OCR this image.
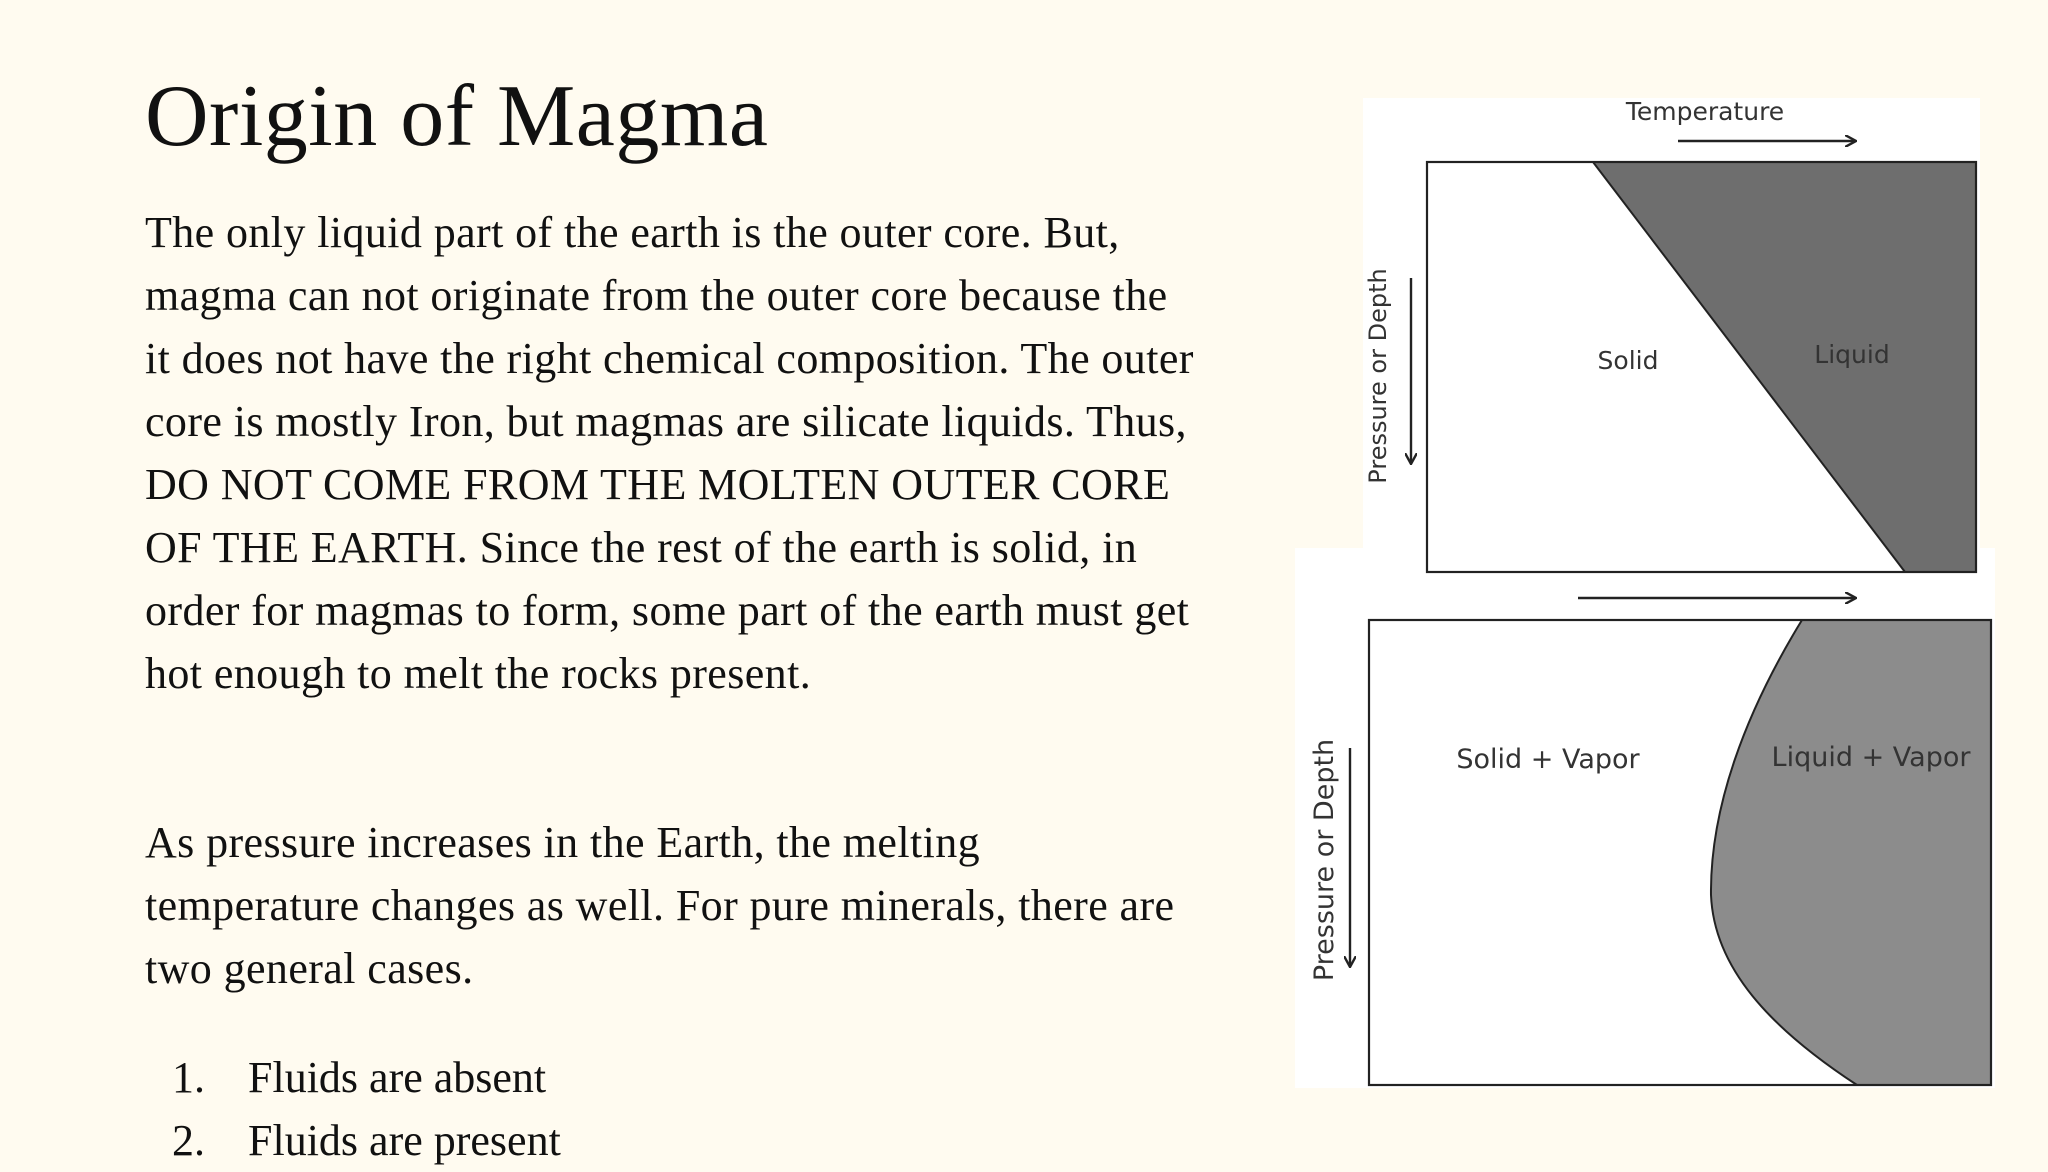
Origin of Magma

The only liquid part of the earth is the outer core. But, magma can not originate from the outer core because the it does not have the right chemical composition. The outer core is mostly Iron, but magmas are silicate liquids. Thus, DO NOT COME FROM THE MOLTEN OUTER CORE OF THE EARTH. Since the rest of the earth is solid, in order for magmas to form, some part of the earth must get hot enough to melt the rocks present.

As pressure increases in the Earth, the melting temperature changes as well. For pure minerals, there are two general cases.

1. Fluids are absent
2. Fluids are present
Temperature
Pressure or Depth	Solid	Liquid
Pressure or Depth	Solid + Vapor	Liquid + Vapor
